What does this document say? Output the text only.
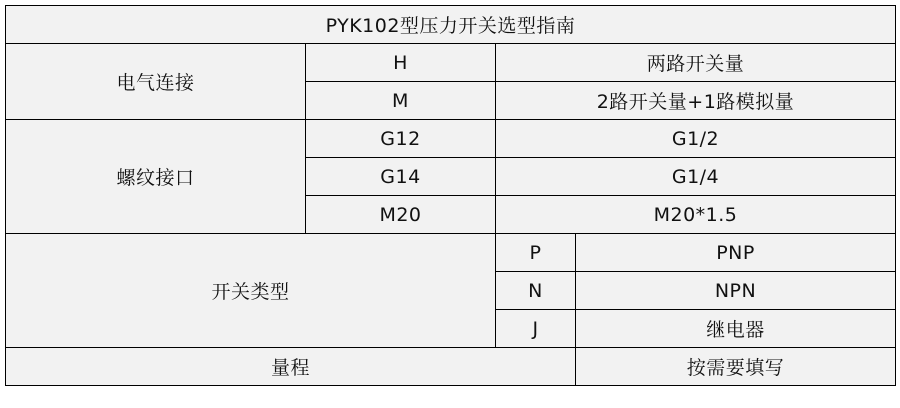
PYK102型压力开关选型指南			
电气连接	H	两路开关量	
	M	2路开关量+1路模拟量	
螺纹接口	G12	G1/2	
	G14	G1/4	
	M20	M20*1.5	
开关类型		P	PNP
		N	NPN
		J	继电器
量程			按需要填写
